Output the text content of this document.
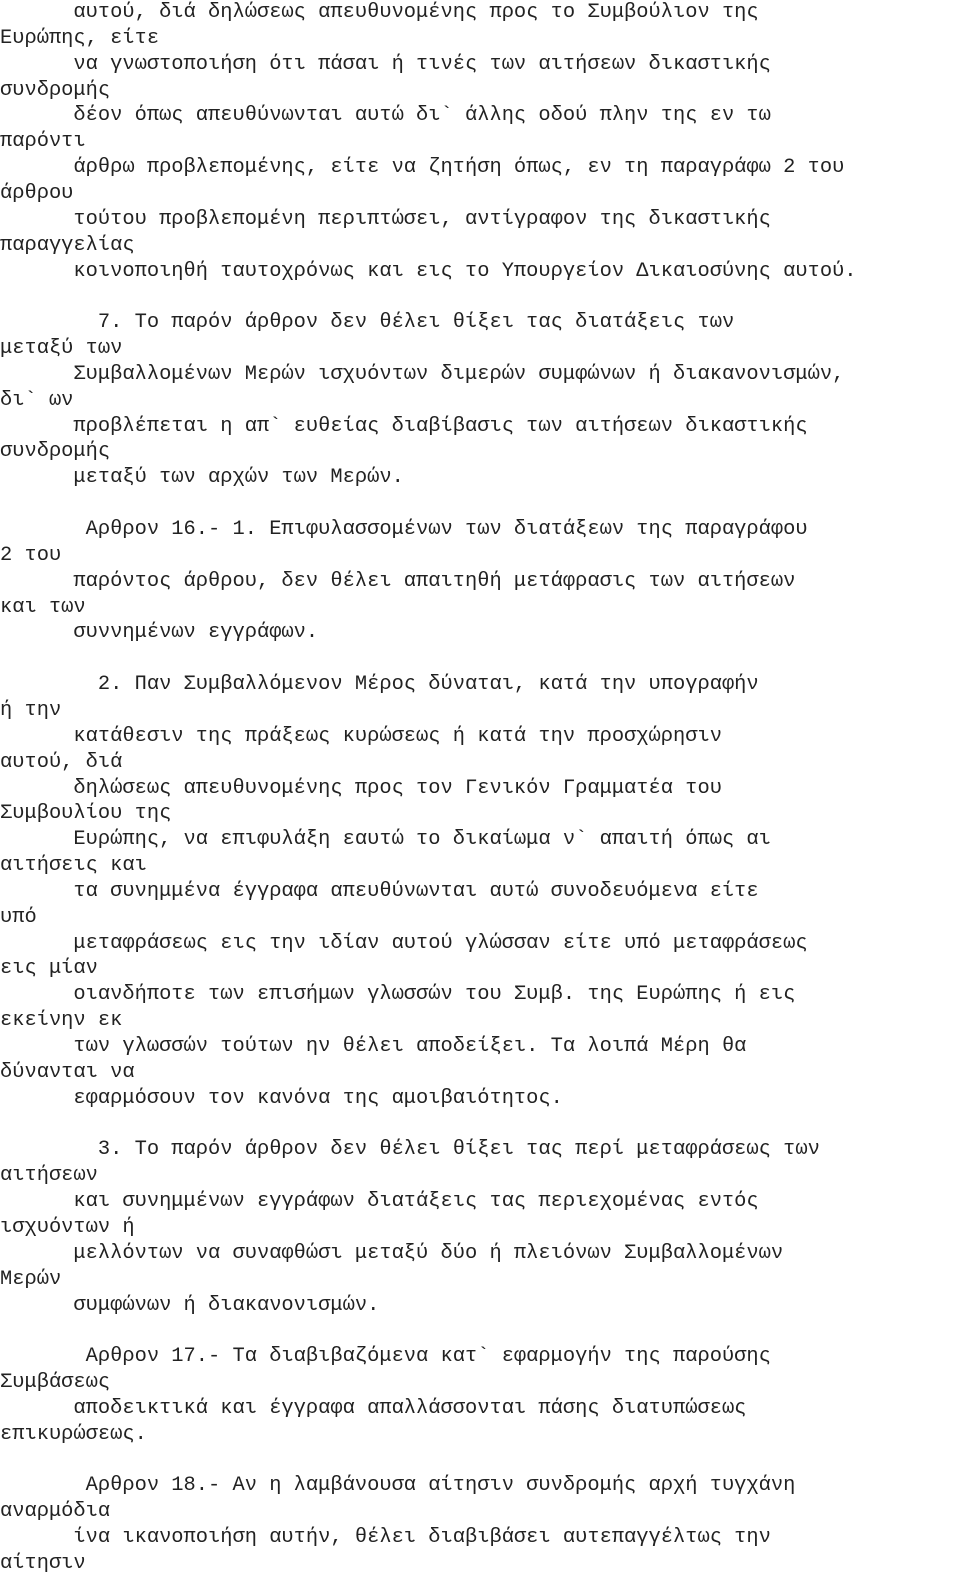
αυτού, διά δηλώσεως απευθυνομένης προς το Συμβούλιον της
Ευρώπης, είτε
να γνωστοποιήση ότι πάσαι ή τινές των αιτήσεων δικαστικής
συνδρομής
δέον όπως απευθύνωνται αυτώ δι` άλλης οδού πλην της εν τω
παρόντι
άρθρω προβλεπομένης, είτε να ζητήση όπως, εν τη παραγράφω 2 του
άρθρου
τούτου προβλεπομένη περιπτώσει, αντίγραφον της δικαστικής
παραγγελίας
κοινοποιηθή ταυτοχρόνως και εις το Υπουργείον Δικαιοσύνης αυτού.
7. Το παρόν άρθρον δεν θέλει θίξει τας διατάξεις των
μεταξύ των
Συμβαλλομένων Μερών ισχυόντων διμερών συμφώνων ή διακανονισμών,
δι` ων
προβλέπεται η απ` ευθείας διαβίβασις των αιτήσεων δικαστικής
συνδρομής
μεταξύ των αρχών των Μερών.
Αρθρον 16.- 1. Επιφυλασσομένων των διατάξεων της παραγράφου
2 του
παρόντος άρθρου, δεν θέλει απαιτηθή μετάφρασις των αιτήσεων
και των
συννημένων εγγράφων.
2. Παν Συμβαλλόμενον Μέρος δύναται, κατά την υπογραφήν
ή την
κατάθεσιν της πράξεως κυρώσεως ή κατά την προσχώρησιν
αυτού, διά
δηλώσεως απευθυνομένης προς τον Γενικόν Γραμματέα του
Συμβουλίου της
Ευρώπης, να επιφυλάξη εαυτώ το δικαίωμα ν` απαιτή όπως αι
αιτήσεις και
τα συνημμένα έγγραφα απευθύνωνται αυτώ συνοδευόμενα είτε
υπό
μεταφράσεως εις την ιδίαν αυτού γλώσσαν είτε υπό μεταφράσεως
εις μίαν
οιανδήποτε των επισήμων γλωσσών του Συμβ. της Ευρώπης ή εις
εκείνην εκ
των γλωσσών τούτων ην θέλει αποδείξει. Τα λοιπά Μέρη θα
δύνανται να
εφαρμόσουν τον κανόνα της αμοιβαιότητος.
3. Το παρόν άρθρον δεν θέλει θίξει τας περί μεταφράσεως των
αιτήσεων
και συνημμένων εγγράφων διατάξεις τας περιεχομένας εντός
ισχυόντων ή
μελλόντων να συναφθώσι μεταξύ δύο ή πλειόνων Συμβαλλομένων
Μερών
συμφώνων ή διακανονισμών.
Αρθρον 17.- Τα διαβιβαζόμενα κατ` εφαρμογήν της παρούσης
Συμβάσεως
αποδεικτικά και έγγραφα απαλλάσσονται πάσης διατυπώσεως
επικυρώσεως.
Αρθρον 18.- Αν η λαμβάνουσα αίτησιν συνδρομής αρχή τυγχάνη
αναρμόδια
ίνα ικανοποιήση αυτήν, θέλει διαβιβάσει αυτεπαγγέλτως την
αίτησιν
